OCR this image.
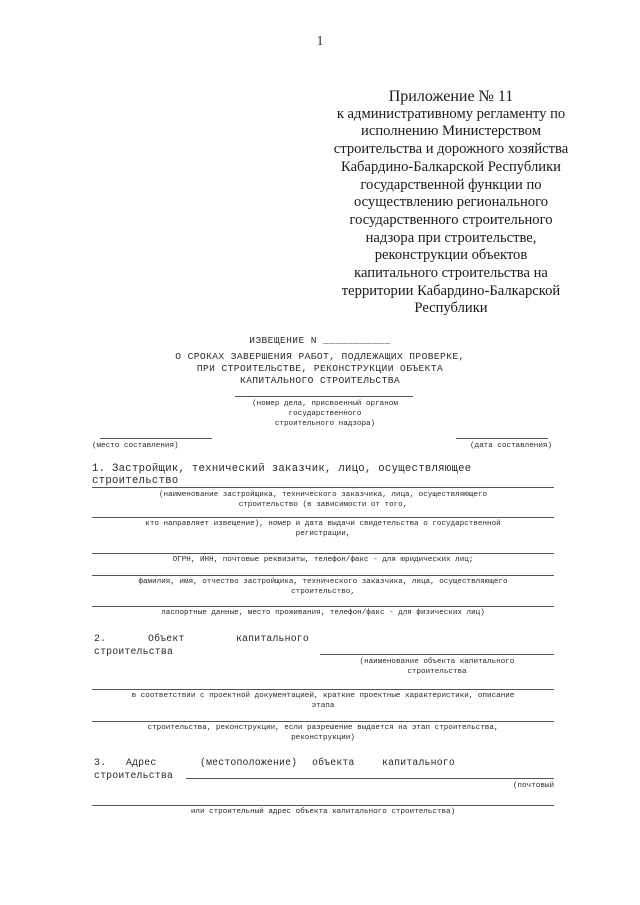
1
Приложение № 11
к административному регламенту по
исполнению Министерством
строительства и дорожного хозяйства
Кабардино-Балкарской Республики
государственной функции по
осуществлению регионального
государственного строительного
надзора при строительстве,
реконструкции объектов
капитального строительства на
территории Кабардино-Балкарской
Республики
ИЗВЕЩЕНИЕ N ___________
О СРОКАХ ЗАВЕРШЕНИЯ РАБОТ, ПОДЛЕЖАЩИХ ПРОВЕРКЕ,
ПРИ СТРОИТЕЛЬСТВЕ, РЕКОНСТРУКЦИИ ОБЪЕКТА
КАПИТАЛЬНОГО СТРОИТЕЛЬСТВА
(номер дела, присвоенный органом
государственного
строительного надзора)
(место составления)	(дата составления)
1. Застройщик, технический заказчик, лицо, осуществляющее строительство
(наименование застройщика, технического заказчика, лица, осуществляющего
строительство (в зависимости от того,
кто направляет извещение), номер и дата выдачи свидетельства о государственной
регистрации,
ОГРН, ИНН, почтовые реквизиты, телефон/факс - для юридических лиц;
фамилия, имя, отчество застройщика, технического заказчика, лица, осуществляющего
строительство,
паспортные данные, место проживания, телефон/факс - для физических лиц)
2.	Объект	капитального
строительства
(наименование объекта капитального
строительства
в соответствии с проектной документацией, краткие проектные характеристики, описание
этапа
строительства, реконструкции, если разрешение выдается на этап строительства,
реконструкции)
3. Адрес	(местоположение) объекта	капитального
строительства
(почтовый
или строительный адрес объекта капитального строительства)
